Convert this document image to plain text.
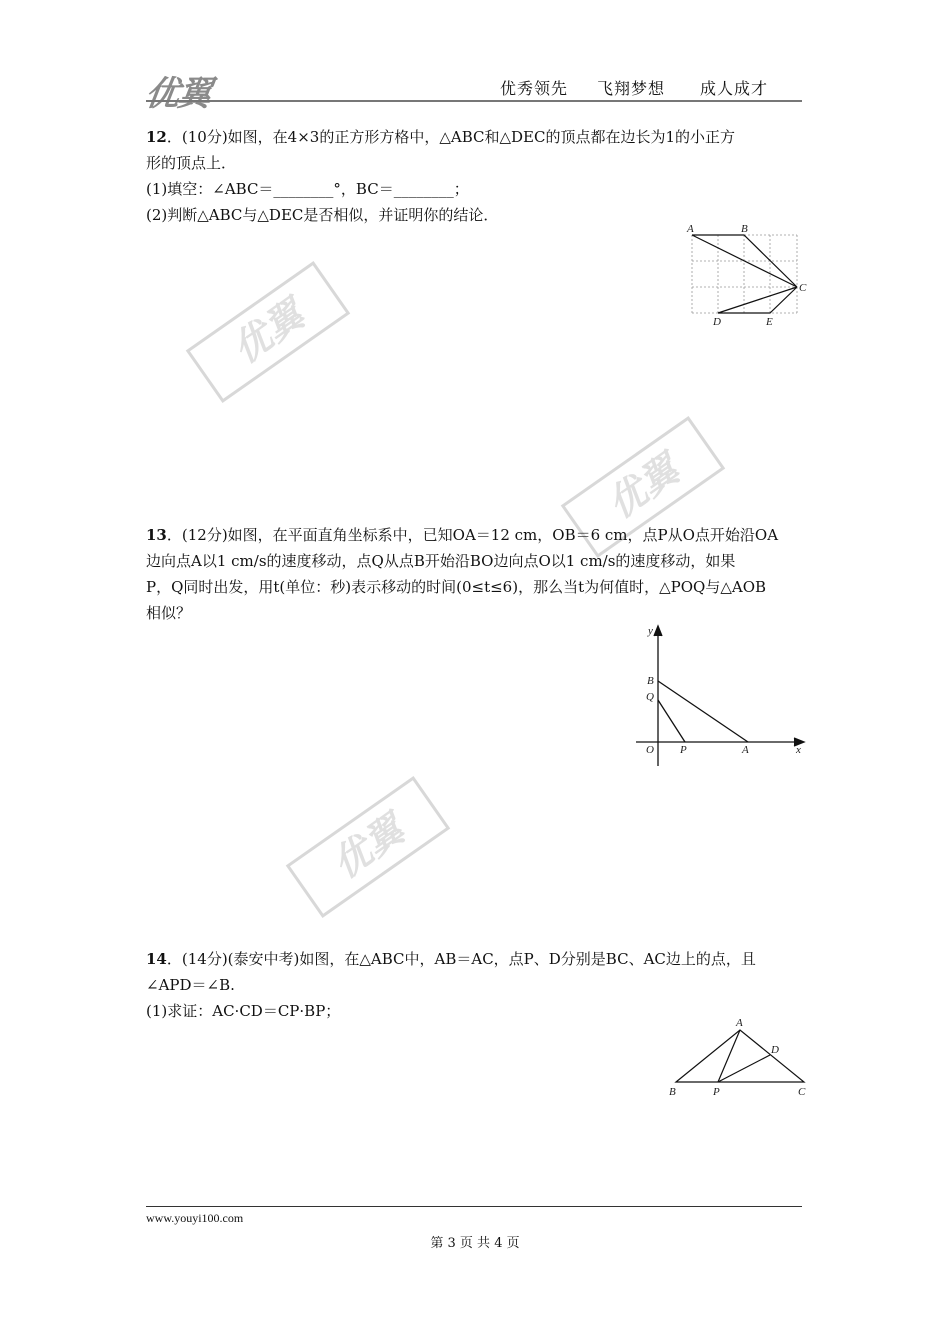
优翼	优秀领先 飞翔梦想 成人成才
优翼
优翼
优翼
12．(10分)如图，在4×3的正方形方格中，△ABC和△DEC的顶点都在边长为1的小正方
形的顶点上．
(1)填空：∠ABC＝________°，BC＝________；
(2)判断△ABC与△DEC是否相似，并证明你的结论．
A	B
C
D	E
13．(12分)如图，在平面直角坐标系中，已知OA＝12 cm，OB＝6 cm，点P从O点开始沿OA
边向点A以1 cm/s的速度移动，点Q从点B开始沿BO边向点O以1 cm/s的速度移动，如果
P，Q同时出发，用t(单位：秒)表示移动的时间(0≤t≤6)，那么当t为何值时，△POQ与△AOB
相似？
y
x
B
Q
O P	A
14．(14分)(泰安中考)如图，在△ABC中，AB＝AC，点P、D分别是BC、AC边上的点，且
∠APD＝∠B.
(1)求证：AC·CD＝CP·BP；
A
B	P	C
D
www.youyi100.com
第 3 页 共 4 页
